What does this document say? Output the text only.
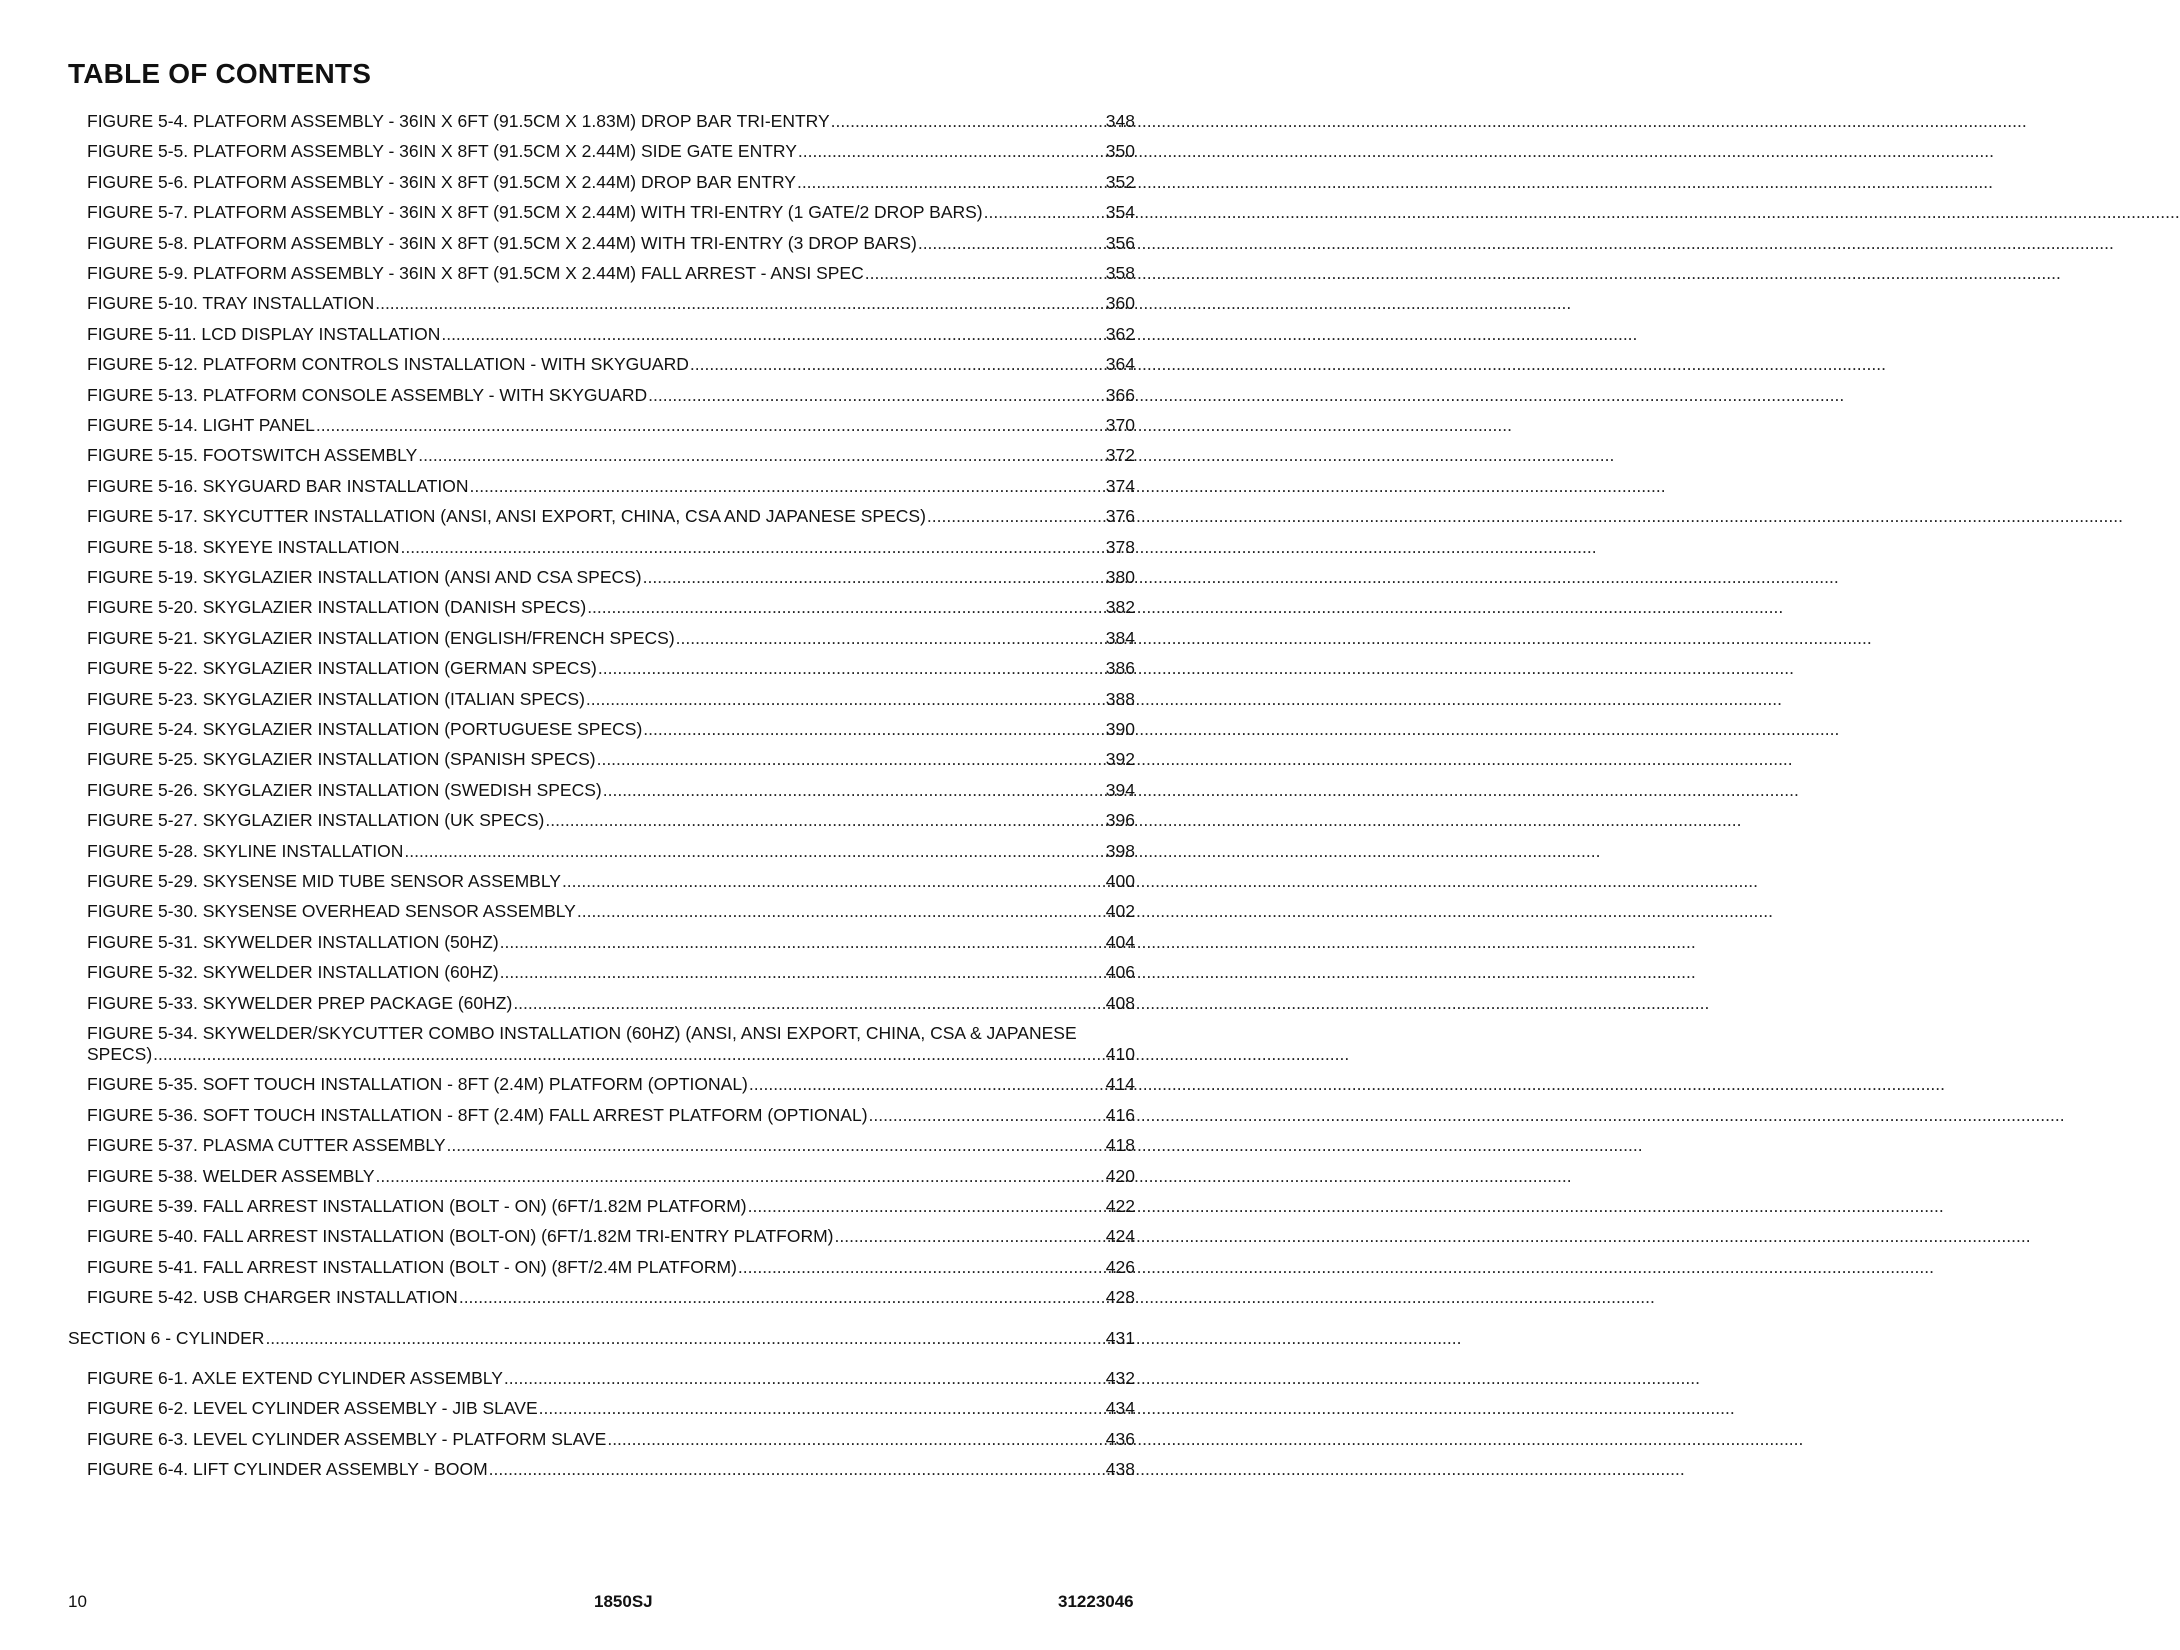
TABLE OF CONTENTS
FIGURE 5-4. PLATFORM ASSEMBLY - 36IN X 6FT (91.5CM X 1.83M) DROP BAR TRI-ENTRY .....	348
FIGURE 5-5. PLATFORM ASSEMBLY - 36IN X 8FT (91.5CM X 2.44M) SIDE GATE ENTRY .....	350
FIGURE 5-6. PLATFORM ASSEMBLY - 36IN X 8FT (91.5CM X 2.44M) DROP BAR ENTRY .....	352
FIGURE 5-7. PLATFORM ASSEMBLY - 36IN X 8FT (91.5CM X 2.44M) WITH TRI-ENTRY (1 GATE/2 DROP BARS) .....	354
FIGURE 5-8. PLATFORM ASSEMBLY - 36IN X 8FT (91.5CM X 2.44M) WITH TRI-ENTRY (3 DROP BARS) .....	356
FIGURE 5-9. PLATFORM ASSEMBLY - 36IN X 8FT (91.5CM X 2.44M) FALL ARREST - ANSI SPEC .....	358
FIGURE 5-10. TRAY INSTALLATION .....	360
FIGURE 5-11. LCD DISPLAY INSTALLATION .....	362
FIGURE 5-12. PLATFORM CONTROLS INSTALLATION - WITH SKYGUARD .....	364
FIGURE 5-13. PLATFORM CONSOLE ASSEMBLY - WITH SKYGUARD .....	366
FIGURE 5-14. LIGHT PANEL .....	370
FIGURE 5-15. FOOTSWITCH ASSEMBLY .....	372
FIGURE 5-16. SKYGUARD BAR INSTALLATION .....	374
FIGURE 5-17. SKYCUTTER INSTALLATION (ANSI, ANSI EXPORT, CHINA, CSA AND JAPANESE SPECS) .....	376
FIGURE 5-18. SKYEYE INSTALLATION .....	378
FIGURE 5-19. SKYGLAZIER INSTALLATION (ANSI AND CSA SPECS) .....	380
FIGURE 5-20. SKYGLAZIER INSTALLATION (DANISH SPECS) .....	382
FIGURE 5-21. SKYGLAZIER INSTALLATION (ENGLISH/FRENCH SPECS) .....	384
FIGURE 5-22. SKYGLAZIER INSTALLATION (GERMAN SPECS) .....	386
FIGURE 5-23. SKYGLAZIER INSTALLATION (ITALIAN SPECS) .....	388
FIGURE 5-24. SKYGLAZIER INSTALLATION (PORTUGUESE SPECS) .....	390
FIGURE 5-25. SKYGLAZIER INSTALLATION (SPANISH SPECS) .....	392
FIGURE 5-26. SKYGLAZIER INSTALLATION (SWEDISH SPECS) .....	394
FIGURE 5-27. SKYGLAZIER INSTALLATION (UK SPECS) .....	396
FIGURE 5-28. SKYLINE INSTALLATION .....	398
FIGURE 5-29. SKYSENSE MID TUBE SENSOR ASSEMBLY .....	400
FIGURE 5-30. SKYSENSE OVERHEAD SENSOR ASSEMBLY .....	402
FIGURE 5-31. SKYWELDER INSTALLATION (50HZ) .....	404
FIGURE 5-32. SKYWELDER INSTALLATION (60HZ) .....	406
FIGURE 5-33. SKYWELDER PREP PACKAGE (60HZ) .....	408
FIGURE 5-34. SKYWELDER/SKYCUTTER COMBO INSTALLATION (60HZ) (ANSI, ANSI EXPORT, CHINA, CSA & JAPANESE
SPECS) .....	410
FIGURE 5-35. SOFT TOUCH INSTALLATION - 8FT (2.4M) PLATFORM (OPTIONAL) .....	414
FIGURE 5-36. SOFT TOUCH INSTALLATION - 8FT (2.4M) FALL ARREST PLATFORM (OPTIONAL) .....	416
FIGURE 5-37. PLASMA CUTTER ASSEMBLY .....	418
FIGURE 5-38. WELDER ASSEMBLY .....	420
FIGURE 5-39. FALL ARREST INSTALLATION (BOLT - ON) (6FT/1.82M PLATFORM) .....	422
FIGURE 5-40. FALL ARREST INSTALLATION (BOLT-ON) (6FT/1.82M TRI-ENTRY PLATFORM) .....	424
FIGURE 5-41. FALL ARREST INSTALLATION (BOLT - ON) (8FT/2.4M PLATFORM) .....	426
FIGURE 5-42. USB CHARGER INSTALLATION .....	428
SECTION 6 - CYLINDER .....	431
FIGURE 6-1. AXLE EXTEND CYLINDER ASSEMBLY .....	432
FIGURE 6-2. LEVEL CYLINDER ASSEMBLY - JIB SLAVE .....	434
FIGURE 6-3. LEVEL CYLINDER ASSEMBLY - PLATFORM SLAVE .....	436
FIGURE 6-4. LIFT CYLINDER ASSEMBLY - BOOM .....	438
10	1850SJ	31223046
